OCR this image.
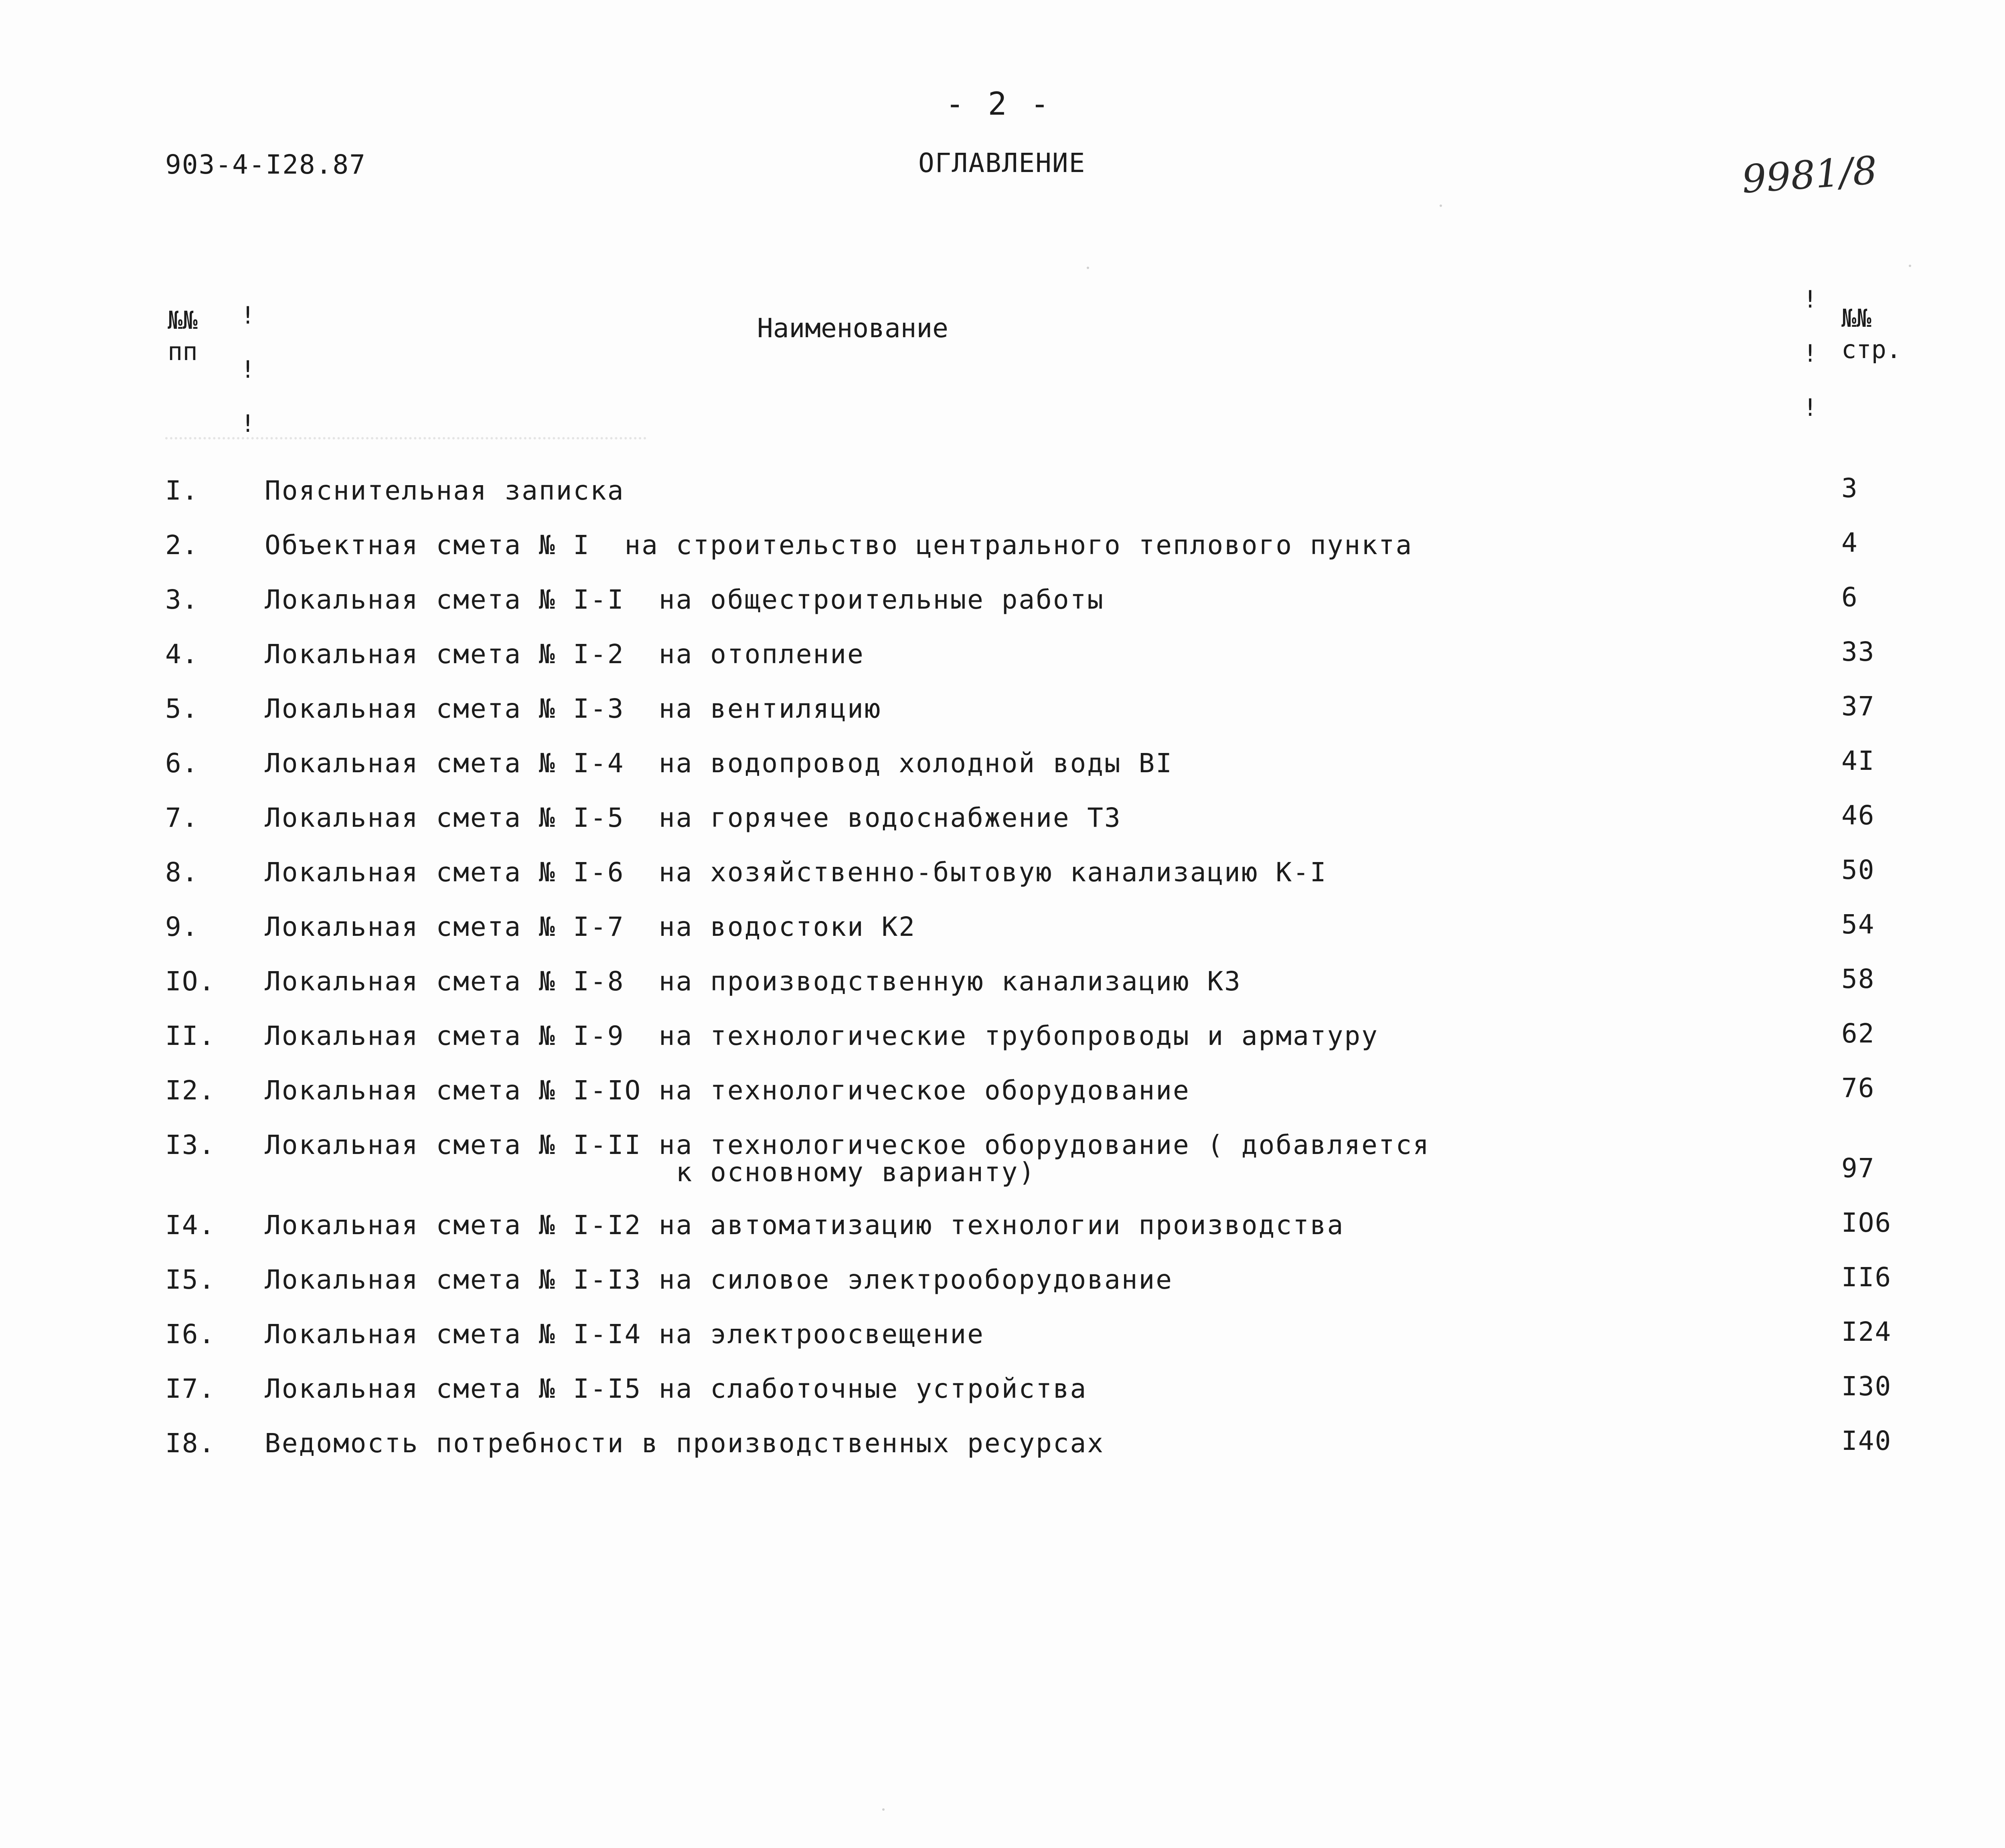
- 2 -
903-4-I28.87	ОГЛАВЛЕНИЕ	9981/8
№№
пп
!
!
!
Наименование
!
!
!
№№
стр.
I. Пояснительная записка	3
2. Объектная смета № I  на строительство центрального теплового пункта	4
3. Локальная смета № I-I  на общестроительные работы	6
4. Локальная смета № I-2  на отопление	33
5. Локальная смета № I-3  на вентиляцию	37
6. Локальная смета № I-4  на водопровод холодной воды BI	4I
7. Локальная смета № I-5  на горячее водоснабжение ТЗ	46
8. Локальная смета № I-6  на хозяйственно-бытовую канализацию К-I	50
9. Локальная смета № I-7  на водостоки К2	54
IO. Локальная смета № I-8  на производственную канализацию КЗ	58
II. Локальная смета № I-9  на технологические трубопроводы и арматуру	62
I2. Локальная смета № I-IO на технологическое оборудование	76
I3. Локальная смета № I-II на технологическое оборудование ( добавляется
к основному варианту)	97
I4. Локальная смета № I-I2 на автоматизацию технологии производства	IO6
I5. Локальная смета № I-I3 на силовое электрооборудование	II6
I6. Локальная смета № I-I4 на электроосвещение	I24
I7. Локальная смета № I-I5 на слаботочные устройства	I30
I8. Ведомость потребности в производственных ресурсах	I40
